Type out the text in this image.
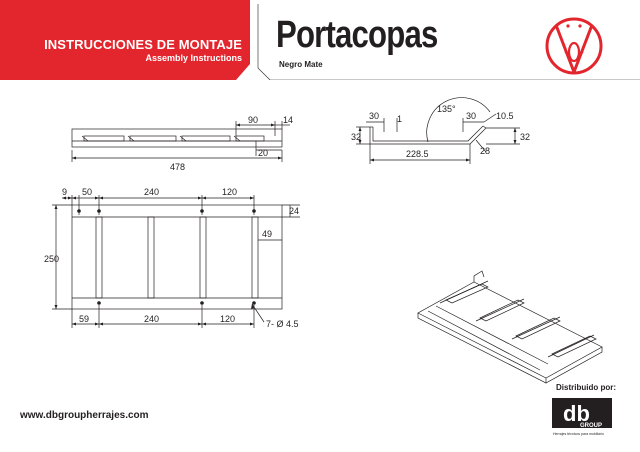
INSTRUCCIONES DE MONTAJE
Assembly Instructions
Portacopas
Negro Mate
90	14
20
478
9 50	240	120
24
49
250
59	240	120	7- Ø 4.5
135°
30 1	30 10.5
32	32
228.5	28
db
GROUP
www.dbgroupherrajes.com
Distribuido por:
Herrajes técnicos para mobiliario
